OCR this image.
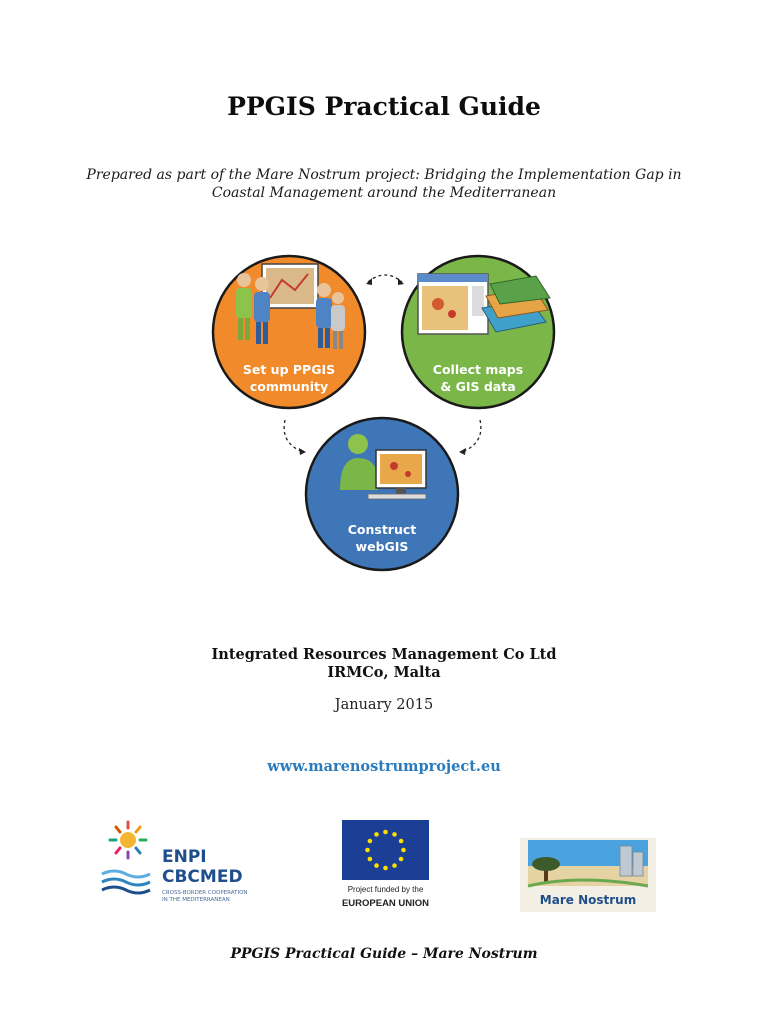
PPGIS Practical Guide
Prepared as part of the Mare Nostrum project: Bridging the Implementation Gap in
Coastal Management around the Mediterranean
Set up PPGIS
community
Collect maps
& GIS data
Construct
webGIS
Integrated Resources Management Co Ltd
IRMCo, Malta
January 2015
www.marenostrumproject.eu
ENPI
CBCMED
CROSS-BORDER COOPERATION
IN THE MEDITERRANEAN
Project funded by the
EUROPEAN UNION	Mare Nostrum
PPGIS Practical Guide – Mare Nostrum
